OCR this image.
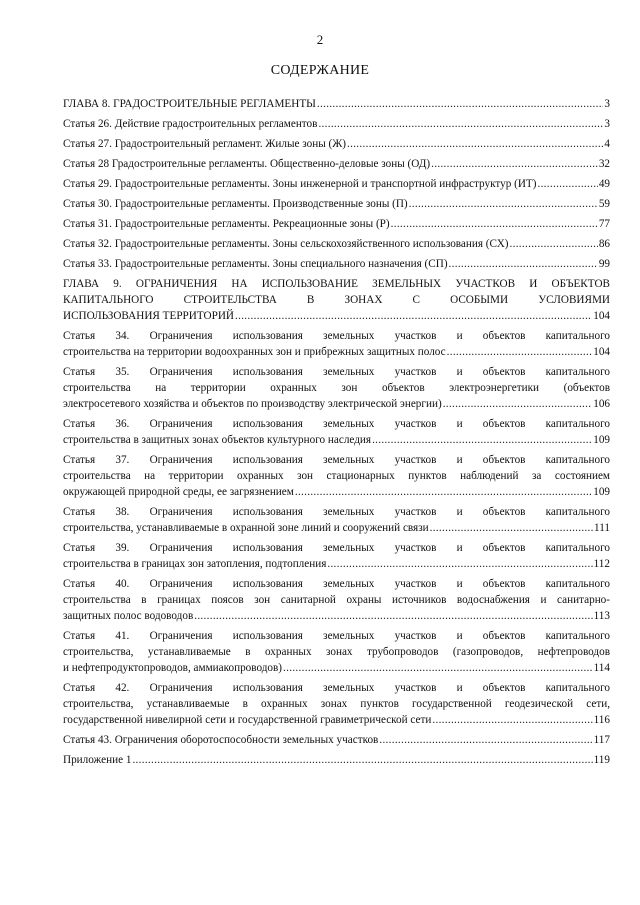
2
СОДЕРЖАНИЕ
ГЛАВА 8. ГРАДОСТРОИТЕЛЬНЫЕ РЕГЛАМЕНТЫ .....	3
Статья 26. Действие градостроительных регламентов .....	3
Статья 27. Градостроительный регламент. Жилые зоны (Ж) .....	4
Статья 28 Градостроительные регламенты. Общественно-деловые зоны (ОД) .....	32
Статья 29. Градостроительные регламенты. Зоны инженерной и транспортной инфраструктур (ИТ) .....	49
Статья 30. Градостроительные регламенты. Производственные зоны (П) .....	59
Статья 31. Градостроительные регламенты. Рекреационные зоны (Р) .....	77
Статья 32. Градостроительные регламенты. Зоны сельскохозяйственного использования (СХ) .....	86
Статья 33. Градостроительные регламенты. Зоны специального назначения (СП) .....	99
ГЛАВА 9. ОГРАНИЧЕНИЯ НА ИСПОЛЬЗОВАНИЕ ЗЕМЕЛЬНЫХ УЧАСТКОВ И ОБЪЕКТОВ
КАПИТАЛЬНОГО СТРОИТЕЛЬСТВА В ЗОНАХ С ОСОБЫМИ УСЛОВИЯМИ
ИСПОЛЬЗОВАНИЯ ТЕРРИТОРИЙ .....	104
Статья 34. Ограничения использования земельных участков и объектов капитального
строительства на территории водоохранных зон и прибрежных защитных полос .....	104
Статья 35. Ограничения использования земельных участков и объектов капитального
строительства на территории охранных зон объектов электроэнергетики (объектов
электросетевого хозяйства и объектов по производству электрической энергии) .....	106
Статья 36. Ограничения использования земельных участков и объектов капитального
строительства в защитных зонах объектов культурного наследия .....	109
Статья 37. Ограничения использования земельных участков и объектов капитального
строительства на территории охранных зон стационарных пунктов наблюдений за состоянием
окружающей природной среды, ее загрязнением .....	109
Статья 38. Ограничения использования земельных участков и объектов капитального
строительства, устанавливаемые в охранной зоне линий и сооружений связи .....	111
Статья 39. Ограничения использования земельных участков и объектов капитального
строительства в границах зон затопления, подтопления .....	112
Статья 40. Ограничения использования земельных участков и объектов капитального
строительства в границах поясов зон санитарной охраны источников водоснабжения и санитарно-
защитных полос водоводов .....	113
Статья 41. Ограничения использования земельных участков и объектов капитального
строительства, устанавливаемые в охранных зонах трубопроводов (газопроводов, нефтепроводов
и нефтепродуктопроводов, аммиакопроводов) .....	114
Статья 42. Ограничения использования земельных участков и объектов капитального
строительства, устанавливаемые в охранных зонах пунктов государственной геодезической сети,
государственной нивелирной сети и государственной гравиметрической сети .....	116
Статья 43. Ограничения оборотоспособности земельных участков .....	117
Приложение 1 .....	119
